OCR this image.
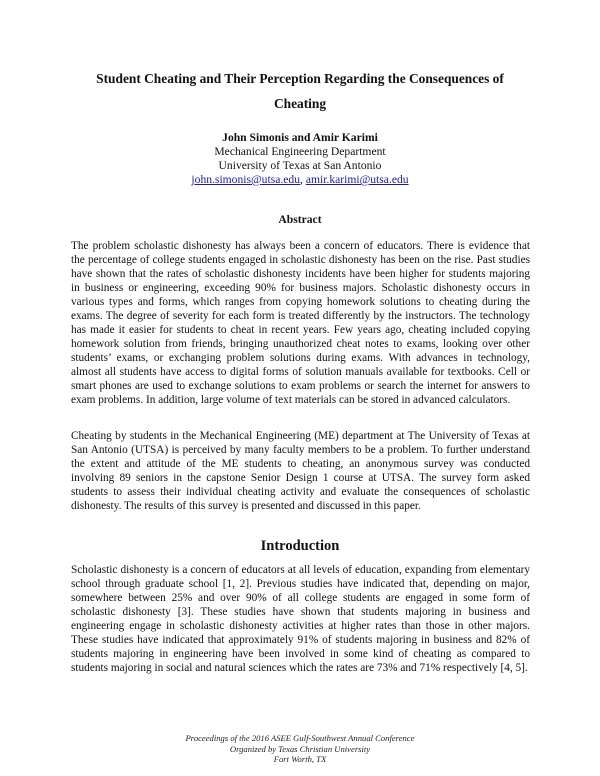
Student Cheating and Their Perception Regarding the Consequences of
Cheating
John Simonis and Amir Karimi
Mechanical Engineering Department
University of Texas at San Antonio
john.simonis@utsa.edu, amir.karimi@utsa.edu
Abstract

The problem scholastic dishonesty has always been a concern of educators. There is evidence that the percentage of college students engaged in scholastic dishonesty has been on the rise. Past studies have shown that the rates of scholastic dishonesty incidents have been higher for students majoring in business or engineering, exceeding 90% for business majors. Scholastic dishonesty occurs in various types and forms, which ranges from copying homework solutions to cheating during the exams. The degree of severity for each form is treated differently by the instructors. The technology has made it easier for students to cheat in recent years. Few years ago, cheating included copying homework solution from friends, bringing unauthorized cheat notes to exams, looking over other students’ exams, or exchanging problem solutions during exams. With advances in technology, almost all students have access to digital forms of solution manuals available for textbooks. Cell or smart phones are used to exchange solutions to exam problems or search the internet for answers to exam problems. In addition, large volume of text materials can be stored in advanced calculators.

Cheating by students in the Mechanical Engineering (ME) department at The University of Texas at San Antonio (UTSA) is perceived by many faculty members to be a problem. To further understand the extent and attitude of the ME students to cheating, an anonymous survey was conducted involving 89 seniors in the capstone Senior Design 1 course at UTSA. The survey form asked students to assess their individual cheating activity and evaluate the consequences of scholastic dishonesty. The results of this survey is presented and discussed in this paper.

Introduction

Scholastic dishonesty is a concern of educators at all levels of education, expanding from elementary school through graduate school [1, 2]. Previous studies have indicated that, depending on major, somewhere between 25% and over 90% of all college students are engaged in some form of scholastic dishonesty [3]. These studies have shown that students majoring in business and engineering engage in scholastic dishonesty activities at higher rates than those in other majors. These studies have indicated that approximately 91% of students majoring in business and 82% of students majoring in engineering have been involved in some kind of cheating as compared to students majoring in social and natural sciences which the rates are 73% and 71% respectively [4, 5].

Proceedings of the 2016 ASEE Gulf-Southwest Annual Conference
Organized by Texas Christian University
Fort Worth, TX
